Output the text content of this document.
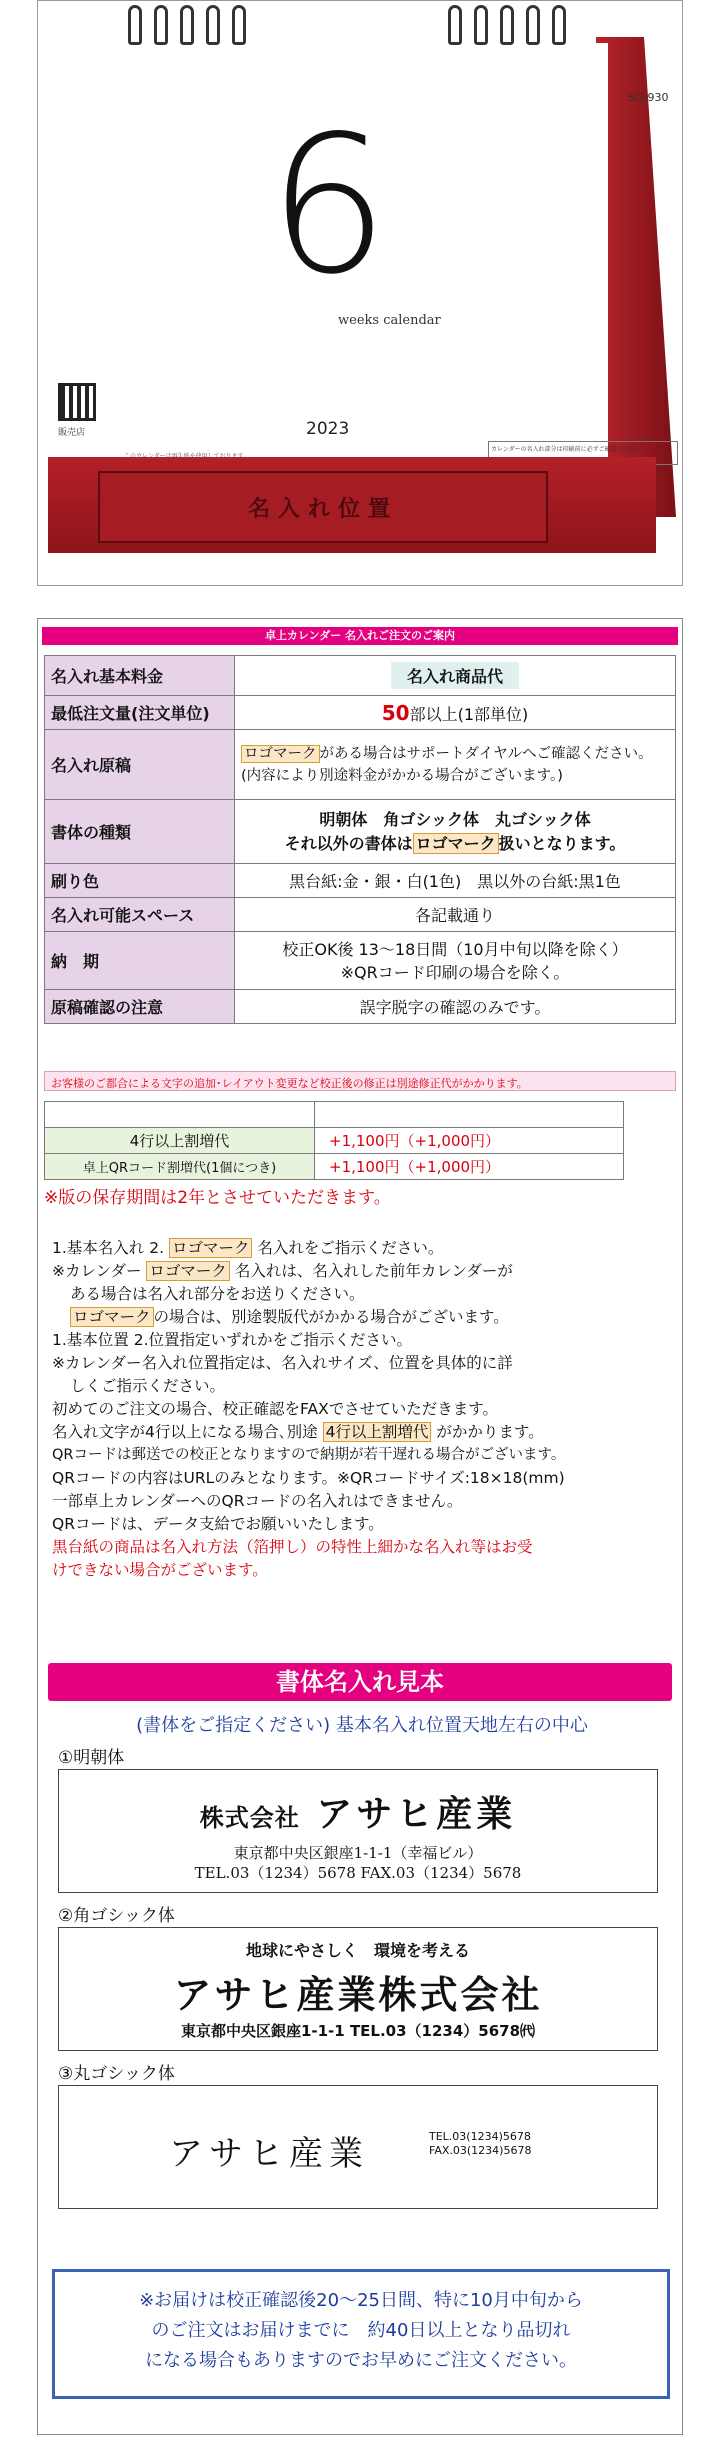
SG-930
6
weeks calendar
販売店	2023
カレンダーの名入れ部分は印刷前に必ずご確認ください
名入れ位置
卓上カレンダー 名入れご注文のご案内
名入れ基本料金	名入れ商品代
最低注文量(注文単位)	50部以上(1部単位)
名入れ原稿	ロゴマーク がある場合はサポートダイヤルへご確認ください。(内容により別途料金がかかる場合がございます。)
書体の種類	明朝体　角ゴシック体　丸ゴシック体
それ以外の書体は ロゴマーク 扱いとなります。

刷り色	黒台紙:金・銀・白(1色)　黒以外の台紙:黒1色
名入れ可能スペース	各記載通り
納　期	校正OK後 13～18日間（10月中旬以降を除く）
※QRコード印刷の場合を除く。

原稿確認の注意	誤字脱字の確認のみです。
お客様のご都合による文字の追加･レイアウト変更など校正後の修正は別途修正代がかかります。

4行以上割増代	+1,100円（+1,000円）
卓上QRコード割増代(1個につき)	+1,100円（+1,000円）
※版の保存期間は2年とさせていただきます。

1.基本名入れ 2. ロゴマーク 名入れをご指示ください。

※カレンダー ロゴマーク 名入れは、名入れした前年カレンダーが

ある場合は名入れ部分をお送りください。

ロゴマーク の場合は、別途製版代がかかる場合がございます。

1.基本位置 2.位置指定いずれかをご指示ください。

※カレンダー名入れ位置指定は、名入れサイズ、位置を具体的に詳

しくご指示ください。

初めてのご注文の場合、校正確認をFAXでさせていただきます。

名入れ文字が4行以上になる場合､別途 4行以上割増代 がかかります。

QRコードは郵送での校正となりますので納期が若干遅れる場合がございます。

QRコードの内容はURLのみとなります。※QRコードサイズ:18×18(mm)

一部卓上カレンダーへのQRコードの名入れはできません。

QRコードは、データ支給でお願いいたします。

黒台紙の商品は名入れ方法（箔押し）の特性上細かな名入れ等はお受

けできない場合がございます。

書体名入れ見本
(書体をご指定ください) 基本名入れ位置天地左右の中心
①明朝体
株式会社 アサヒ産業
東京都中央区銀座1-1-1（幸福ビル）
TEL.03（1234）5678 FAX.03（1234）5678
②角ゴシック体
地球にやさしく　環境を考える
アサヒ産業株式会社
東京都中央区銀座1-1-1 TEL.03（1234）5678㈹
③丸ゴシック体
アサヒ産業	TEL.03(1234)5678
FAX.03(1234)5678
※お届けは校正確認後20～25日間、特に10月中旬から
のご注文はお届けまでに　約40日以上となり品切れ
になる場合もありますのでお早めにご注文ください。
